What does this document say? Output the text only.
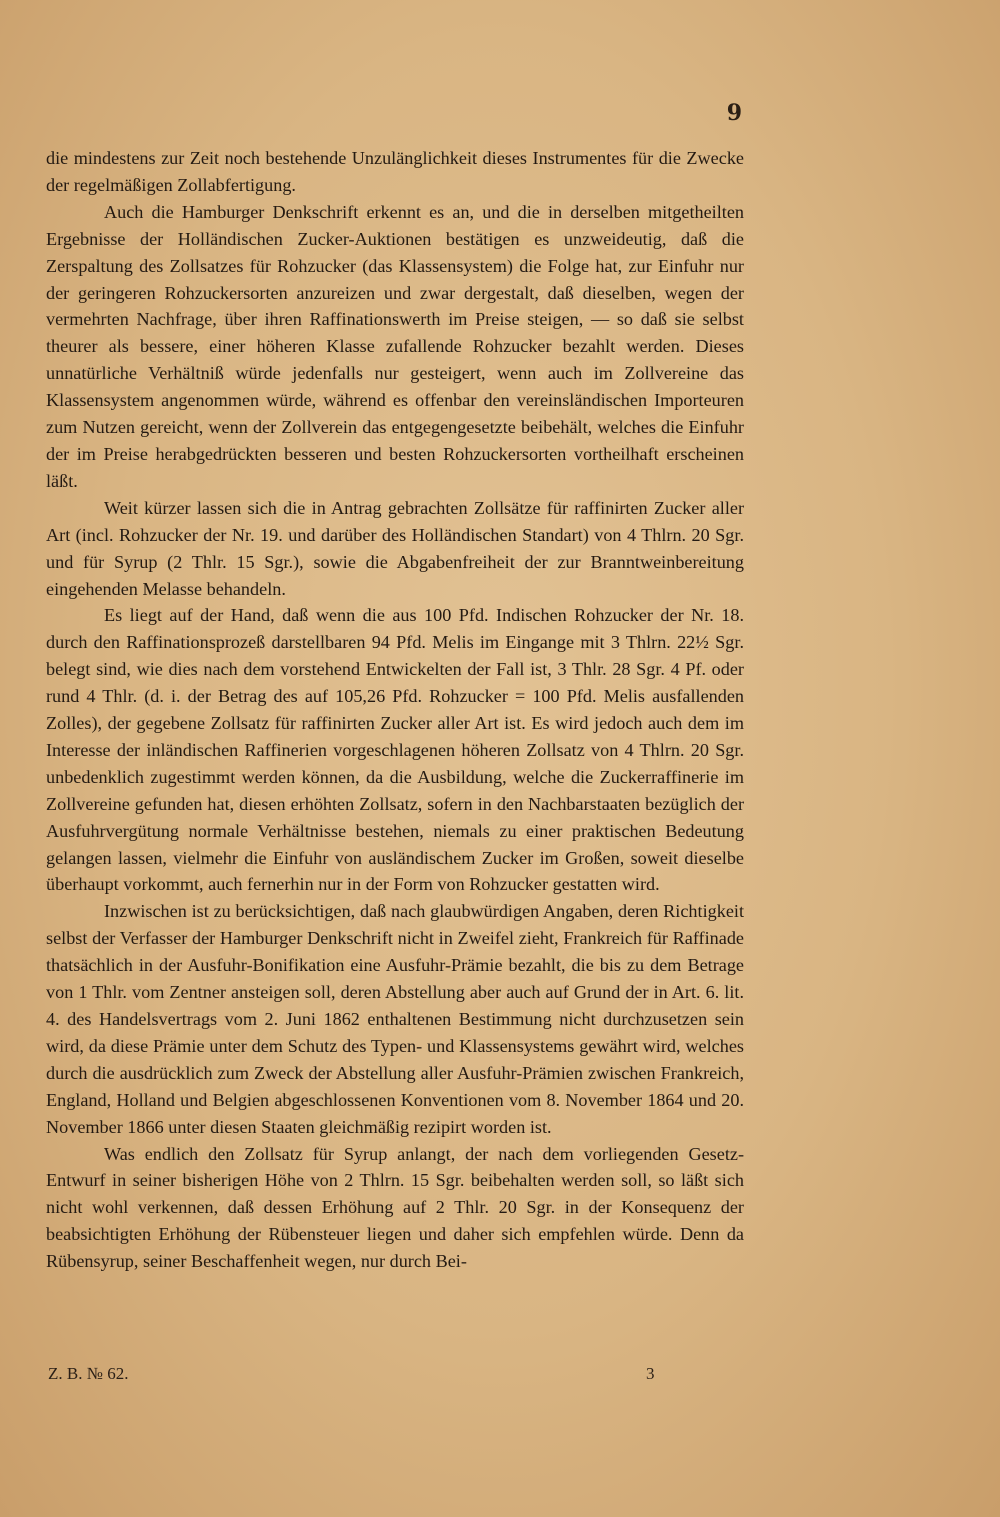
9

die mindestens zur Zeit noch bestehende Unzulänglichkeit dieses Instrumentes für die Zwecke der regelmäßigen Zollabfertigung.

Auch die Hamburger Denkschrift erkennt es an, und die in derselben mitgetheilten Ergebnisse der Holländischen Zucker-Auktionen bestätigen es unzweideutig, daß die Zerspaltung des Zollsatzes für Rohzucker (das Klassensystem) die Folge hat, zur Einfuhr nur der geringeren Rohzuckersorten anzureizen und zwar dergestalt, daß dieselben, wegen der vermehrten Nachfrage, über ihren Raffinationswerth im Preise steigen, — so daß sie selbst theurer als bessere, einer höheren Klasse zufallende Rohzucker bezahlt werden. Dieses unnatürliche Verhältniß würde jedenfalls nur gesteigert, wenn auch im Zollvereine das Klassensystem angenommen würde, während es offenbar den vereinsländischen Importeuren zum Nutzen gereicht, wenn der Zollverein das entgegengesetzte beibehält, welches die Einfuhr der im Preise herabgedrückten besseren und besten Rohzuckersorten vortheilhaft erscheinen läßt.

Weit kürzer lassen sich die in Antrag gebrachten Zollsätze für raffinirten Zucker aller Art (incl. Rohzucker der Nr. 19. und darüber des Holländischen Standart) von 4 Thlrn. 20 Sgr. und für Syrup (2 Thlr. 15 Sgr.), sowie die Abgabenfreiheit der zur Branntweinbereitung eingehenden Melasse behandeln.

Es liegt auf der Hand, daß wenn die aus 100 Pfd. Indischen Rohzucker der Nr. 18. durch den Raffinationsprozeß darstellbaren 94 Pfd. Melis im Eingange mit 3 Thlrn. 22½ Sgr. belegt sind, wie dies nach dem vorstehend Entwickelten der Fall ist, 3 Thlr. 28 Sgr. 4 Pf. oder rund 4 Thlr. (d. i. der Betrag des auf 105,26 Pfd. Rohzucker = 100 Pfd. Melis ausfallenden Zolles), der gegebene Zollsatz für raffinirten Zucker aller Art ist. Es wird jedoch auch dem im Interesse der inländischen Raffinerien vorgeschlagenen höheren Zollsatz von 4 Thlrn. 20 Sgr. unbedenklich zugestimmt werden können, da die Ausbildung, welche die Zuckerraffinerie im Zollvereine gefunden hat, diesen erhöhten Zollsatz, sofern in den Nachbarstaaten bezüglich der Ausfuhrvergütung normale Verhältnisse bestehen, niemals zu einer praktischen Bedeutung gelangen lassen, vielmehr die Einfuhr von ausländischem Zucker im Großen, soweit dieselbe überhaupt vorkommt, auch fernerhin nur in der Form von Rohzucker gestatten wird.

Inzwischen ist zu berücksichtigen, daß nach glaubwürdigen Angaben, deren Richtigkeit selbst der Verfasser der Hamburger Denkschrift nicht in Zweifel zieht, Frankreich für Raffinade thatsächlich in der Ausfuhr-Bonifikation eine Ausfuhr-Prämie bezahlt, die bis zu dem Betrage von 1 Thlr. vom Zentner ansteigen soll, deren Abstellung aber auch auf Grund der in Art. 6. lit. 4. des Handelsvertrags vom 2. Juni 1862 enthaltenen Bestimmung nicht durchzusetzen sein wird, da diese Prämie unter dem Schutz des Typen- und Klassensystems gewährt wird, welches durch die ausdrücklich zum Zweck der Abstellung aller Ausfuhr-Prämien zwischen Frankreich, England, Holland und Belgien abgeschlossenen Konventionen vom 8. November 1864 und 20. November 1866 unter diesen Staaten gleichmäßig rezipirt worden ist.

Was endlich den Zollsatz für Syrup anlangt, der nach dem vorliegenden Gesetz-Entwurf in seiner bisherigen Höhe von 2 Thlrn. 15 Sgr. beibehalten werden soll, so läßt sich nicht wohl verkennen, daß dessen Erhöhung auf 2 Thlr. 20 Sgr. in der Konsequenz der beabsichtigten Erhöhung der Rübensteuer liegen und daher sich empfehlen würde. Denn da Rübensyrup, seiner Beschaffenheit wegen, nur durch Bei-

Z. B. № 62.	3
